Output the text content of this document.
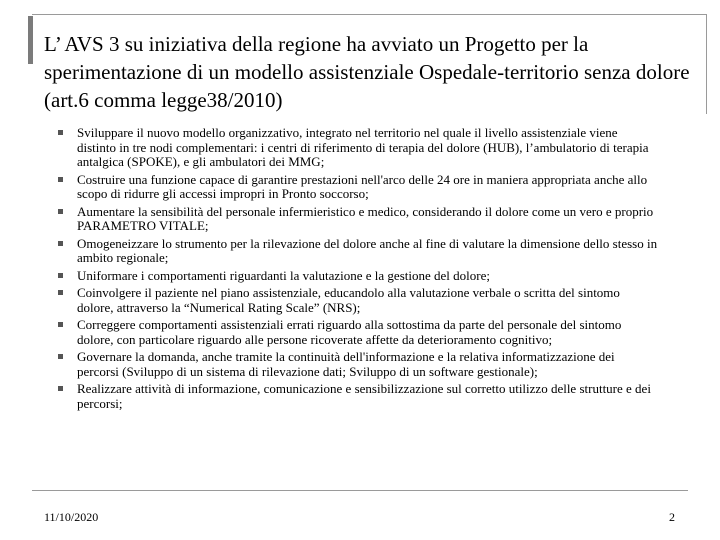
L’ AVS 3 su iniziativa della regione ha avviato un Progetto per la sperimentazione di un modello assistenziale Ospedale-territorio senza dolore (art.6 comma legge38/2010)
Sviluppare il nuovo modello organizzativo, integrato nel territorio nel quale il livello assistenziale viene distinto in tre nodi complementari: i centri di riferimento di terapia del dolore (HUB), l’ambulatorio di terapia antalgica (SPOKE), e gli ambulatori dei MMG;
Costruire una funzione capace di garantire prestazioni nell'arco delle 24 ore in maniera appropriata anche allo scopo di ridurre gli accessi impropri in Pronto soccorso;
Aumentare la sensibilità del personale infermieristico e medico, considerando il dolore come un vero e proprio PARAMETRO VITALE;
Omogeneizzare lo strumento per la rilevazione del dolore anche al fine di valutare la dimensione dello stesso in ambito regionale;
Uniformare i comportamenti riguardanti la valutazione e la gestione del dolore;
Coinvolgere il paziente nel piano assistenziale, educandolo alla valutazione verbale o scritta del sintomo dolore, attraverso la “Numerical Rating Scale” (NRS);
Correggere comportamenti assistenziali errati riguardo alla sottostima da parte del personale del sintomo dolore, con particolare riguardo alle persone ricoverate affette da deterioramento cognitivo;
Governare la domanda, anche tramite la continuità dell'informazione e la relativa informatizzazione dei percorsi (Sviluppo di un sistema di rilevazione dati; Sviluppo di un software gestionale);
Realizzare attività di informazione, comunicazione e sensibilizzazione sul corretto utilizzo delle strutture e dei percorsi;
11/10/2020	2
